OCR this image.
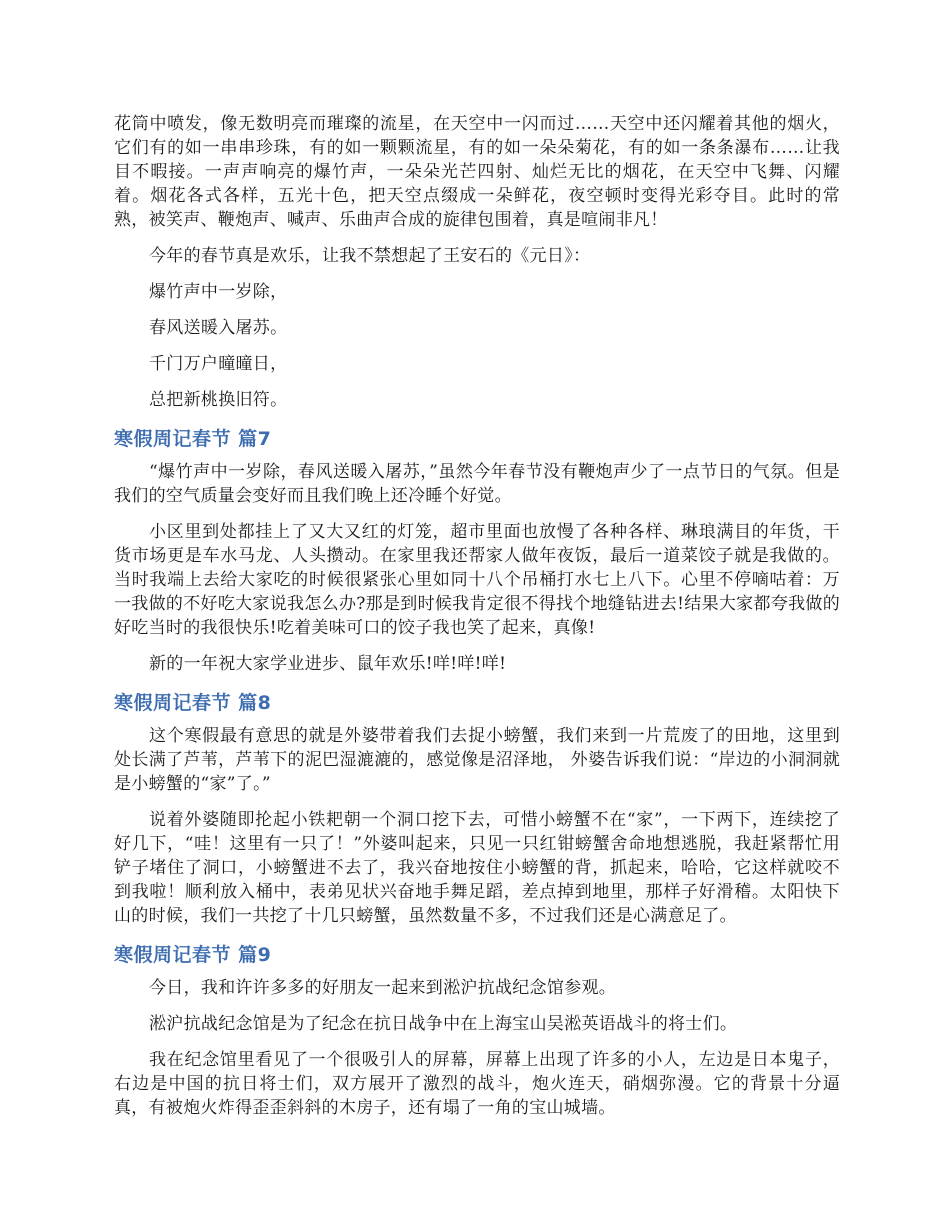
花筒中喷发，像无数明亮而璀璨的流星，在天空中一闪而过……天空中还闪耀着其他的烟火，它们有的如一串串珍珠，有的如一颗颗流星，有的如一朵朵菊花，有的如一条条瀑布……让我目不暇接。一声声响亮的爆竹声，一朵朵光芒四射、灿烂无比的烟花，在天空中飞舞、闪耀着。烟花各式各样，五光十色，把天空点缀成一朵鲜花，夜空顿时变得光彩夺目。此时的常熟，被笑声、鞭炮声、喊声、乐曲声合成的旋律包围着，真是喧闹非凡！

今年的春节真是欢乐，让我不禁想起了王安石的《元日》：

爆竹声中一岁除，
春风送暖入屠苏。
千门万户曈曈日，
总把新桃换旧符。
寒假周记春节 篇7

“爆竹声中一岁除，春风送暖入屠苏，”虽然今年春节没有鞭炮声少了一点节日的气氛。但是我们的空气质量会变好而且我们晚上还冷睡个好觉。

小区里到处都挂上了又大又红的灯笼，超市里面也放慢了各种各样、琳琅满目的年货，干货市场更是车水马龙、人头攒动。在家里我还帮家人做年夜饭，最后一道菜饺子就是我做的。当时我端上去给大家吃的时候很紧张心里如同十八个吊桶打水七上八下。心里不停嘀咕着：万一我做的不好吃大家说我怎么办?那是到时候我肯定很不得找个地缝钻进去!结果大家都夸我做的好吃当时的我很快乐!吃着美味可口的饺子我也笑了起来，真像!

新的一年祝大家学业进步、鼠年欢乐!咩!咩!咩!

寒假周记春节 篇8

这个寒假最有意思的就是外婆带着我们去捉小螃蟹，我们来到一片荒废了的田地，这里到处长满了芦苇，芦苇下的泥巴湿漉漉的，感觉像是沼泽地， 外婆告诉我们说：“岸边的小洞洞就是小螃蟹的“家”了。”

说着外婆随即抡起小铁耙朝一个洞口挖下去，可惜小螃蟹不在“家”，一下两下，连续挖了好几下，“哇！这里有一只了！”外婆叫起来，只见一只红钳螃蟹舍命地想逃脱，我赶紧帮忙用铲子堵住了洞口，小螃蟹进不去了，我兴奋地按住小螃蟹的背，抓起来，哈哈，它这样就咬不到我啦！顺利放入桶中，表弟见状兴奋地手舞足蹈，差点掉到地里，那样子好滑稽。太阳快下山的时候，我们一共挖了十几只螃蟹，虽然数量不多，不过我们还是心满意足了。

寒假周记春节 篇9

今日，我和许许多多的好朋友一起来到淞沪抗战纪念馆参观。

淞沪抗战纪念馆是为了纪念在抗日战争中在上海宝山吴淞英语战斗的将士们。

我在纪念馆里看见了一个很吸引人的屏幕，屏幕上出现了许多的小人，左边是日本鬼子，右边是中国的抗日将士们，双方展开了激烈的战斗，炮火连天，硝烟弥漫。它的背景十分逼真，有被炮火炸得歪歪斜斜的木房子，还有塌了一角的宝山城墙。
